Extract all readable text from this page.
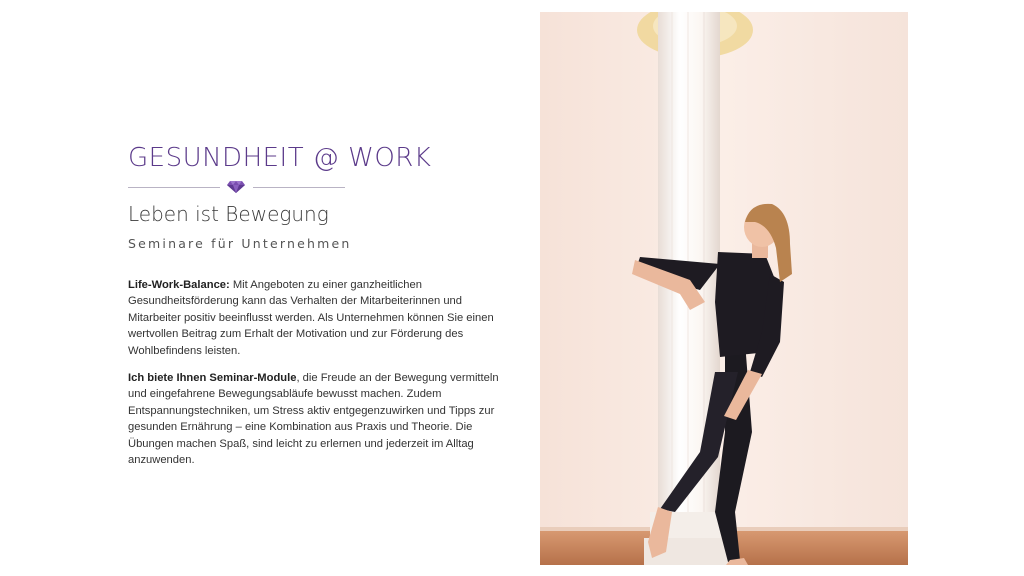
GESUNDHEIT @ WORK
Leben ist Bewegung
Seminare für Unternehmen

Life-Work-Balance: Mit Angeboten zu einer ganzheitlichen Gesundheitsförderung kann das Verhalten der Mitarbeiterinnen und Mitarbeiter positiv beeinflusst werden. Als Unternehmen können Sie einen wertvollen Beitrag zum Erhalt der Motivation und zur Förderung des Wohlbefindens leisten.

Ich biete Ihnen Seminar-Module, die Freude an der Bewegung vermitteln und eingefahrene Bewegungsabläufe bewusst machen. Zudem Entspannungstechniken, um Stress aktiv entgegenzuwirken und Tipps zur gesunden Ernährung – eine Kombination aus Praxis und Theorie. Die Übungen machen Spaß, sind leicht zu erlernen und jederzeit im Alltag anzuwenden.
